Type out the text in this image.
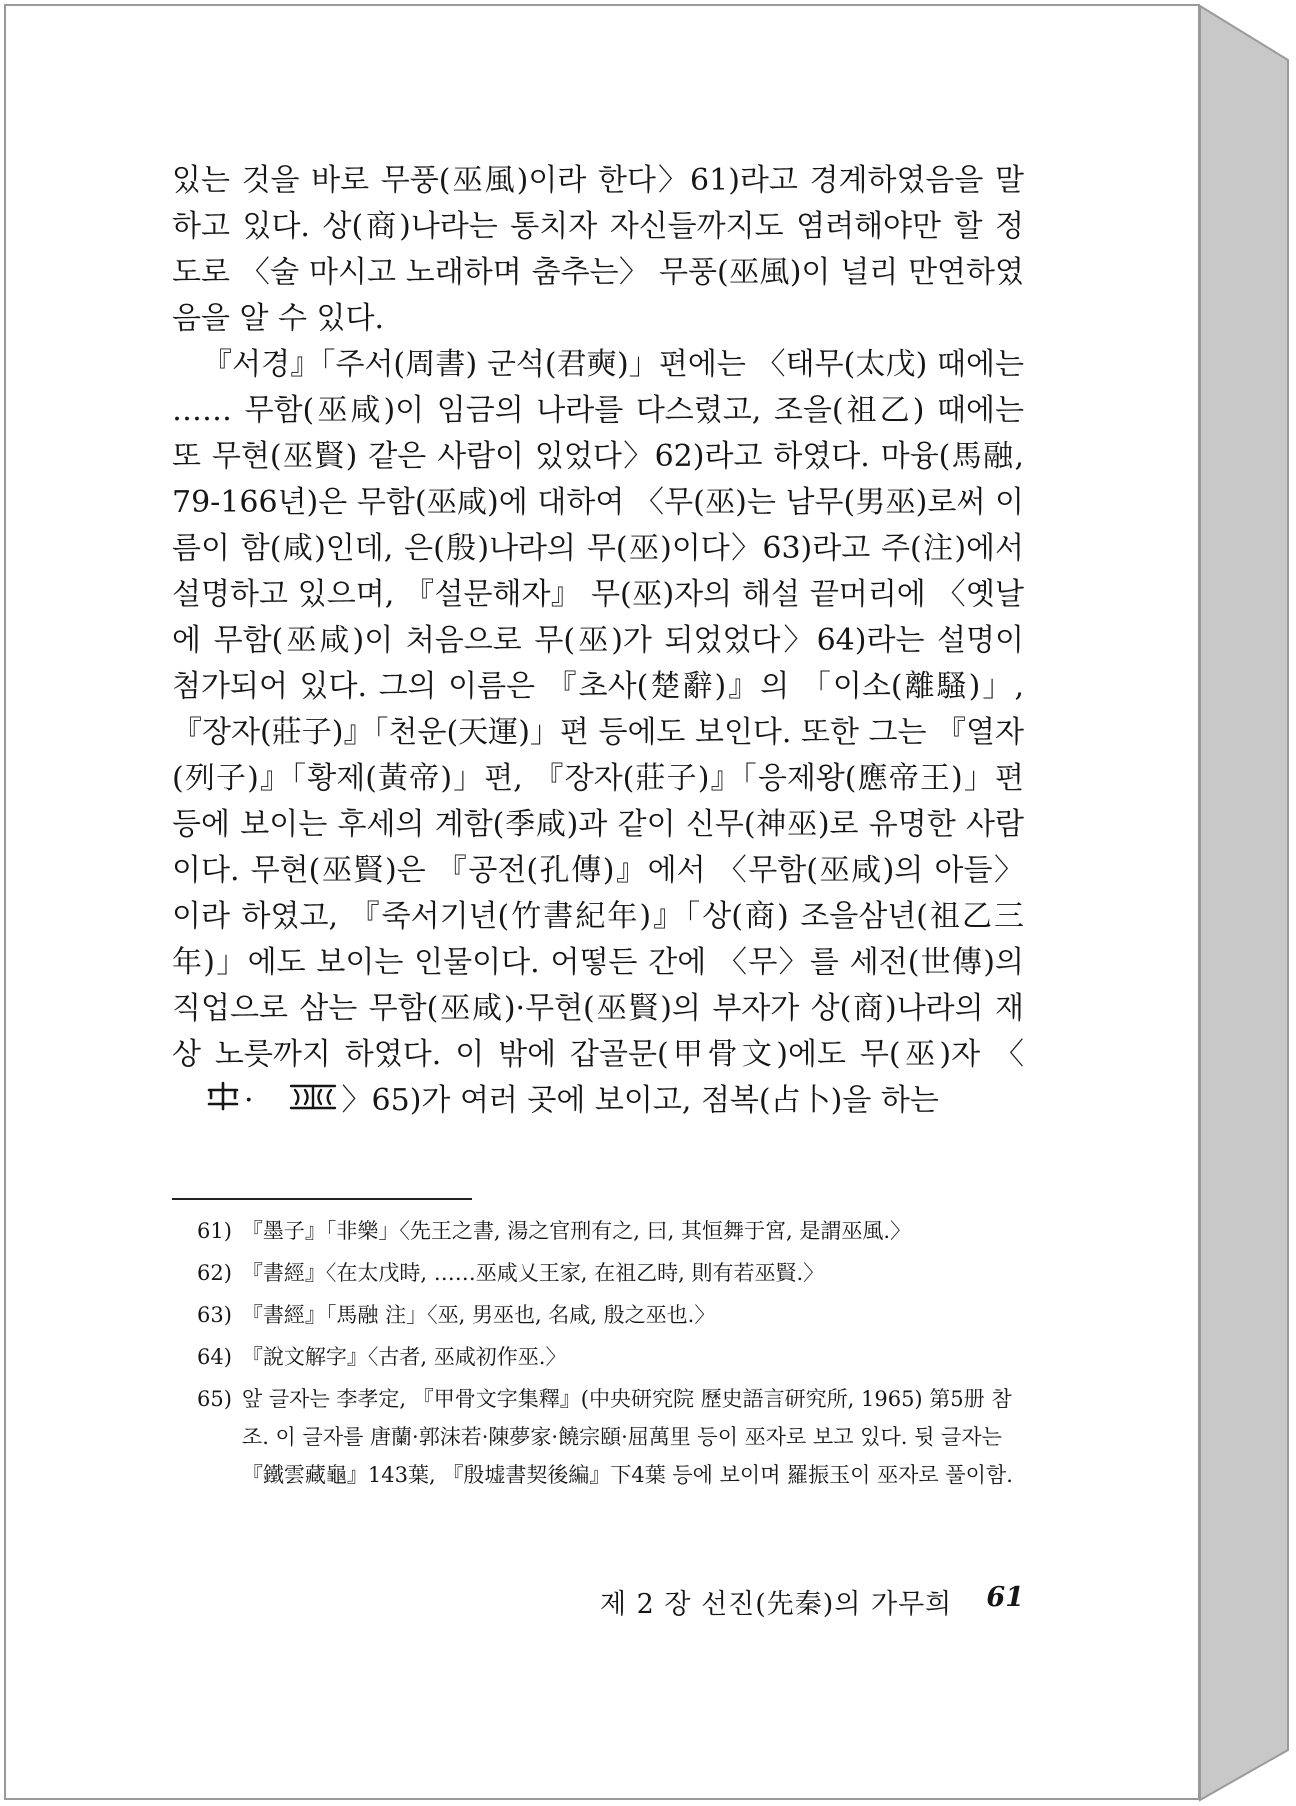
있는 것을 바로 무풍(巫風)이라 한다〉61)라고 경계하였음을 말하고 있다. 상(商)나라는 통치자 자신들까지도 염려해야만 할 정도로 〈술 마시고 노래하며 춤추는〉 무풍(巫風)이 널리 만연하였음을 알 수 있다.

『서경』「주서(周書) 군석(君奭)」편에는 〈태무(太戊) 때에는 …… 무함(巫咸)이 임금의 나라를 다스렸고, 조을(祖乙) 때에는 또 무현(巫賢) 같은 사람이 있었다〉62)라고 하였다. 마융(馬融, 79-166년)은 무함(巫咸)에 대하여 〈무(巫)는 남무(男巫)로써 이름이 함(咸)인데, 은(殷)나라의 무(巫)이다〉63)라고 주(注)에서 설명하고 있으며, 『설문해자』 무(巫)자의 해설 끝머리에 〈옛날에 무함(巫咸)이 처음으로 무(巫)가 되었었다〉64)라는 설명이 첨가되어 있다. 그의 이름은 『초사(楚辭)』의 「이소(離騷)」, 『장자(莊子)』「천운(天運)」편 등에도 보인다. 또한 그는 『열자(列子)』「황제(黃帝)」편, 『장자(莊子)』「응제왕(應帝王)」편 등에 보이는 후세의 계함(季咸)과 같이 신무(神巫)로 유명한 사람이다. 무현(巫賢)은 『공전(孔傳)』에서 〈무함(巫咸)의 아들〉이라 하였고, 『죽서기년(竹書紀年)』「상(商) 조을삼년(祖乙三年)」에도 보이는 인물이다. 어떻든 간에 〈무〉를 세전(世傳)의 직업으로 삼는 무함(巫咸)·무현(巫賢)의 부자가 상(商)나라의 재상 노릇까지 하였다. 이 밖에 갑골문(甲骨文)에도 무(巫)자 〈·	〉65)가 여러 곳에 보이고, 점복(占卜)을 하는

61) 『墨子』「非樂」〈先王之書, 湯之官刑有之, 曰, 其恒舞于宮, 是謂巫風.〉
62) 『書經』〈在太戊時, ……巫咸乂王家, 在祖乙時, 則有若巫賢.〉
63) 『書經』「馬融 注」〈巫, 男巫也, 名咸, 殷之巫也.〉
64) 『說文解字』〈古者, 巫咸初作巫.〉
65) 앞 글자는 李孝定, 『甲骨文字集釋』(中央研究院 歷史語言研究所, 1965) 第5册 참조. 이 글자를 唐蘭·郭沫若·陳夢家·饒宗頤·屈萬里 등이 巫자로 보고 있다. 뒷 글자는 『鐵雲藏龜』143葉, 『殷墟書契後編』下4葉 등에 보이며 羅振玉이 巫자로 풀이함.
제 2 장 선진(先秦)의 가무희 61
